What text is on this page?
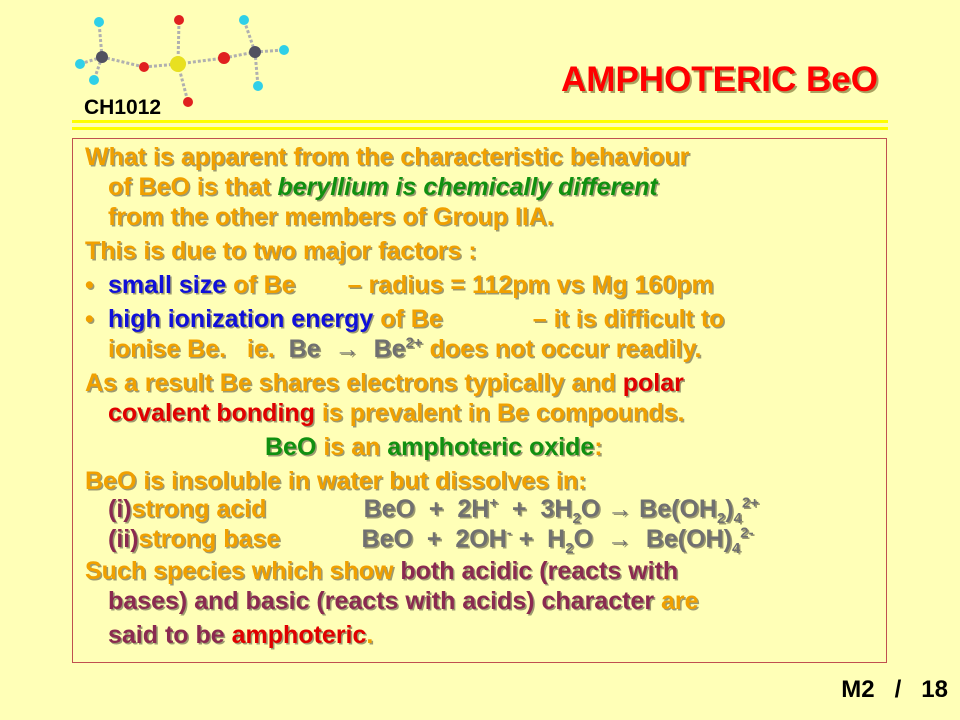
CH1012
AMPHOTERIC BeO

What is apparent from the characteristic behaviour

of BeO is that beryllium is chemically different
from the other members of Group IIA.

This is due to two major factors :

• small size of Be – radius = 112pm vs Mg 160pm

• high ionization energy of Be	– it is difficult to

ionise Be.   ie.  $Be \to Be^{2+}$ does not occur readily.

As a result Be shares electrons typically and polar

covalent bonding is prevalent in Be compounds.

BeO is an amphoteric oxide:

BeO is insoluble in water but dissolves in:

(i)strong acid	BeO  +  $2H^+ + 3H_2O \to Be(OH_2)_4^{2+}$

(ii)strong base	BeO  +  $2OH^- + H_2O \to Be(OH)_4^{2-}$

Such species which show both acidic (reacts with

bases) and basic (reacts with acids) character are

said to be amphoteric.

M2   /   18
